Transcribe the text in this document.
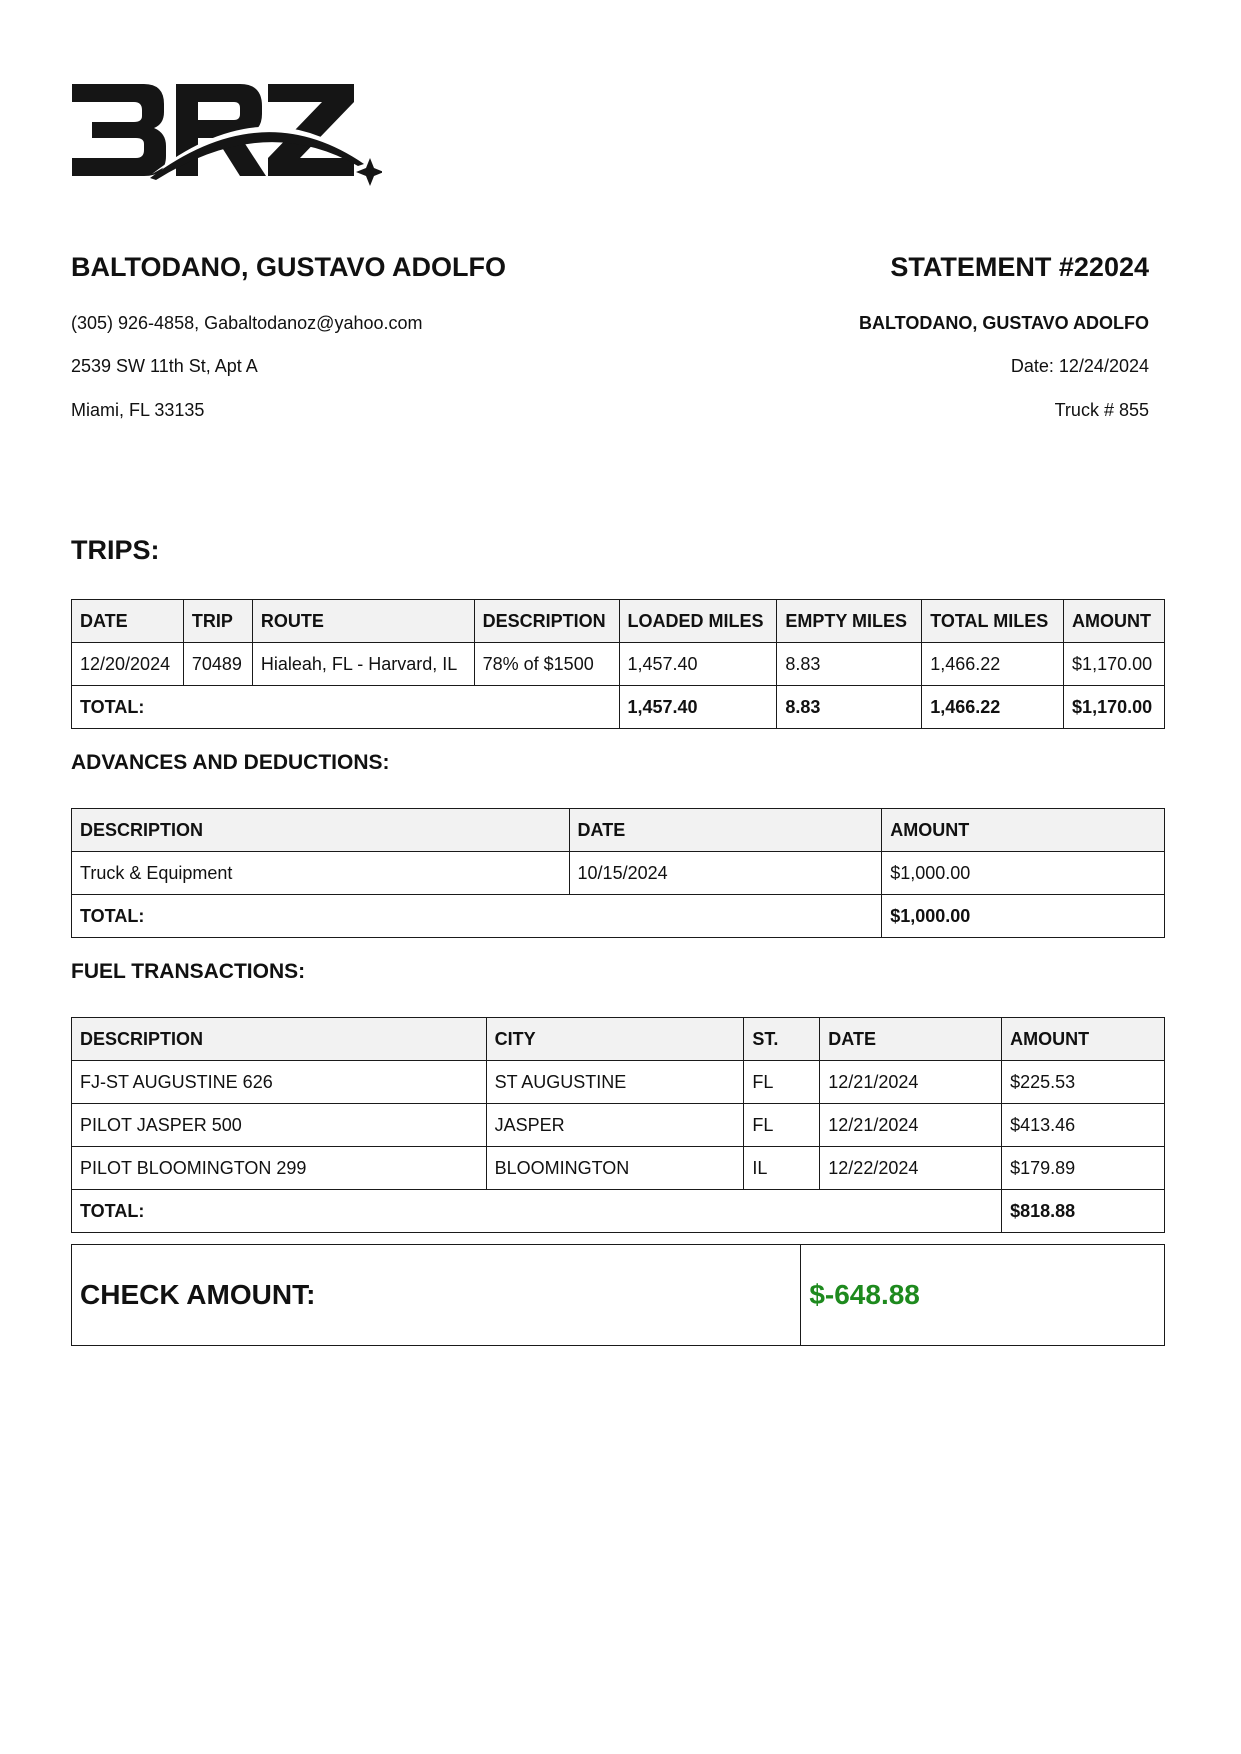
BALTODANO, GUSTAVO ADOLFO	STATEMENT #22024
(305) 926-4858, Gabaltodanoz@yahoo.com
2539 SW 11th St, Apt A
Miami, FL 33135
BALTODANO, GUSTAVO ADOLFO
Date: 12/24/2024
Truck # 855
TRIPS:
DATE	TRIP	ROUTE	DESCRIPTION	LOADED MILES	EMPTY MILES	TOTAL MILES	AMOUNT
12/20/2024	70489	Hialeah, FL - Harvard, IL	78% of $1500	1,457.40	8.83	1,466.22	$1,170.00
TOTAL:				1,457.40	8.83	1,466.22	$1,170.00
ADVANCES AND DEDUCTIONS:
DESCRIPTION	DATE	AMOUNT
Truck & Equipment	10/15/2024	$1,000.00
TOTAL:		$1,000.00
FUEL TRANSACTIONS:
DESCRIPTION	CITY	ST.	DATE	AMOUNT
FJ-ST AUGUSTINE 626	ST AUGUSTINE	FL	12/21/2024	$225.53
PILOT JASPER 500	JASPER	FL	12/21/2024	$413.46
PILOT BLOOMINGTON 299	BLOOMINGTON	IL	12/22/2024	$179.89
TOTAL:				$818.88
CHECK AMOUNT:	$-648.88
